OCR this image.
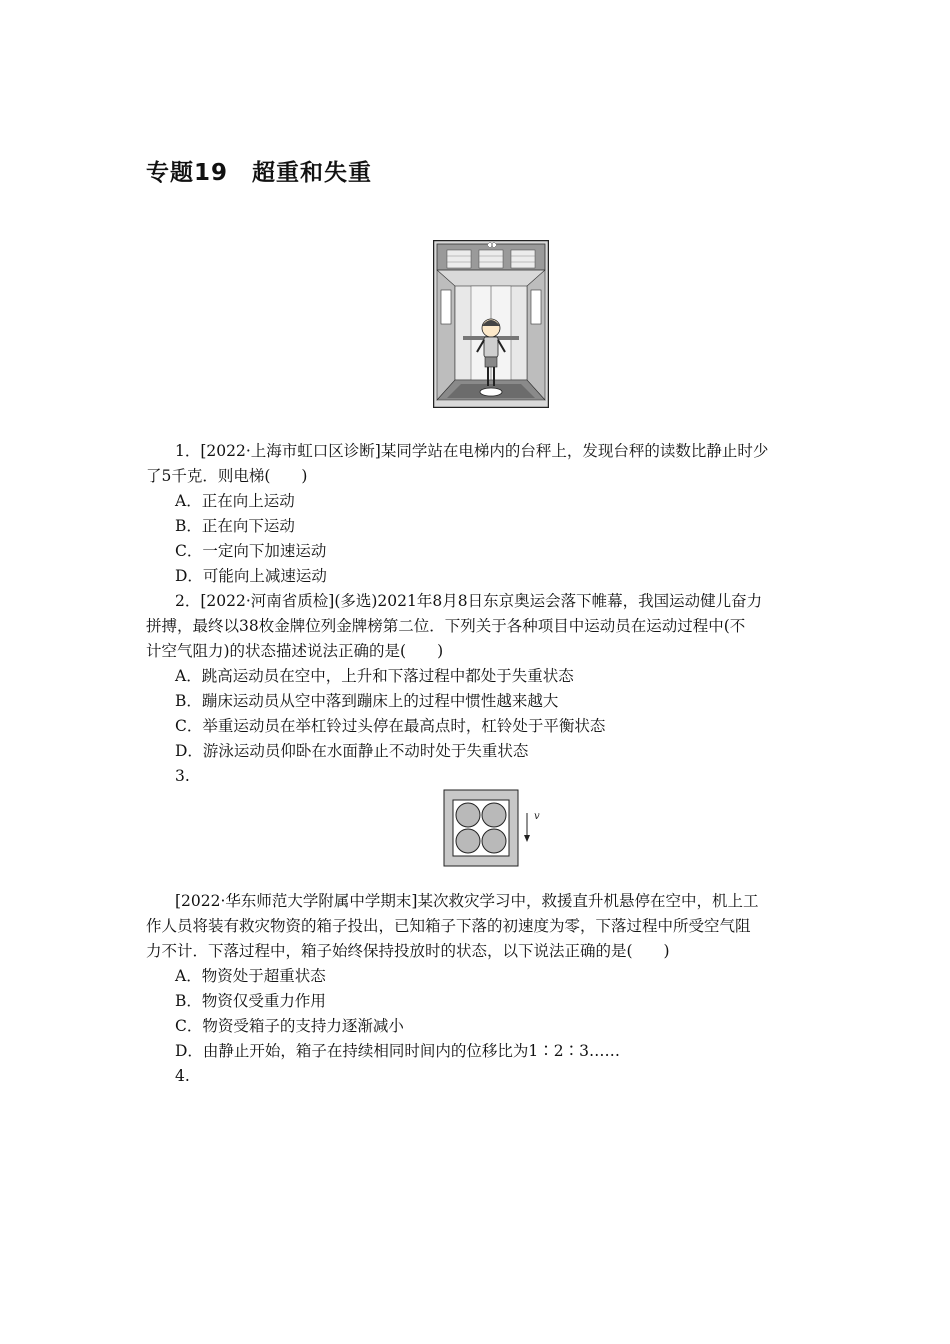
专题19　超重和失重
1．[2022·上海市虹口区诊断]某同学站在电梯内的台秤上，发现台秤的读数比静止时少
了5千克．则电梯(　　)
A．正在向上运动
B．正在向下运动
C．一定向下加速运动
D．可能向上减速运动
2．[2022·河南省质检](多选)2021年8月8日东京奥运会落下帷幕，我国运动健儿奋力
拼搏，最终以38枚金牌位列金牌榜第二位．下列关于各种项目中运动员在运动过程中(不
计空气阻力)的状态描述说法正确的是(　　)
A．跳高运动员在空中，上升和下落过程中都处于失重状态
B．蹦床运动员从空中落到蹦床上的过程中惯性越来越大
C．举重运动员在举杠铃过头停在最高点时，杠铃处于平衡状态
D．游泳运动员仰卧在水面静止不动时处于失重状态
3.
v
[2022·华东师范大学附属中学期末]某次救灾学习中，救援直升机悬停在空中，机上工
作人员将装有救灾物资的箱子投出，已知箱子下落的初速度为零，下落过程中所受空气阻
力不计．下落过程中，箱子始终保持投放时的状态，以下说法正确的是(　　)
A．物资处于超重状态
B．物资仅受重力作用
C．物资受箱子的支持力逐渐减小
D．由静止开始，箱子在持续相同时间内的位移比为1∶2∶3……
4.
